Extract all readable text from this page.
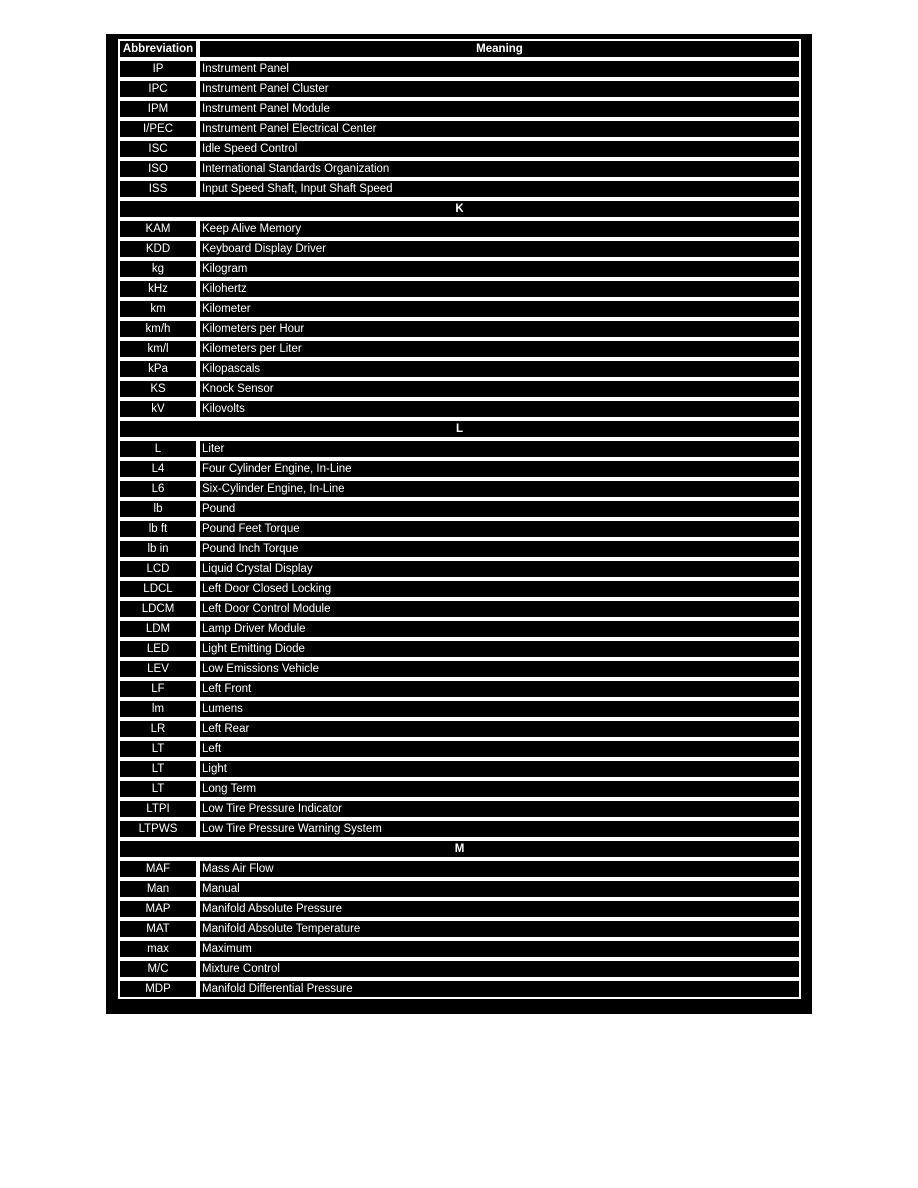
Abbreviation	Meaning
IP	Instrument Panel
IPC	Instrument Panel Cluster
IPM	Instrument Panel Module
I/PEC	Instrument Panel Electrical Center
ISC	Idle Speed Control
ISO	International Standards Organization
ISS	Input Speed Shaft, Input Shaft Speed
K	
KAM	Keep Alive Memory
KDD	Keyboard Display Driver
kg	Kilogram
kHz	Kilohertz
km	Kilometer
km/h	Kilometers per Hour
km/l	Kilometers per Liter
kPa	Kilopascals
KS	Knock Sensor
kV	Kilovolts
L	
L	Liter
L4	Four Cylinder Engine, In-Line
L6	Six-Cylinder Engine, In-Line
lb	Pound
lb ft	Pound Feet Torque
lb in	Pound Inch Torque
LCD	Liquid Crystal Display
LDCL	Left Door Closed Locking
LDCM	Left Door Control Module
LDM	Lamp Driver Module
LED	Light Emitting Diode
LEV	Low Emissions Vehicle
LF	Left Front
lm	Lumens
LR	Left Rear
LT	Left
LT	Light
LT	Long Term
LTPI	Low Tire Pressure Indicator
LTPWS	Low Tire Pressure Warning System
M	
MAF	Mass Air Flow
Man	Manual
MAP	Manifold Absolute Pressure
MAT	Manifold Absolute Temperature
max	Maximum
M/C	Mixture Control
MDP	Manifold Differential Pressure
